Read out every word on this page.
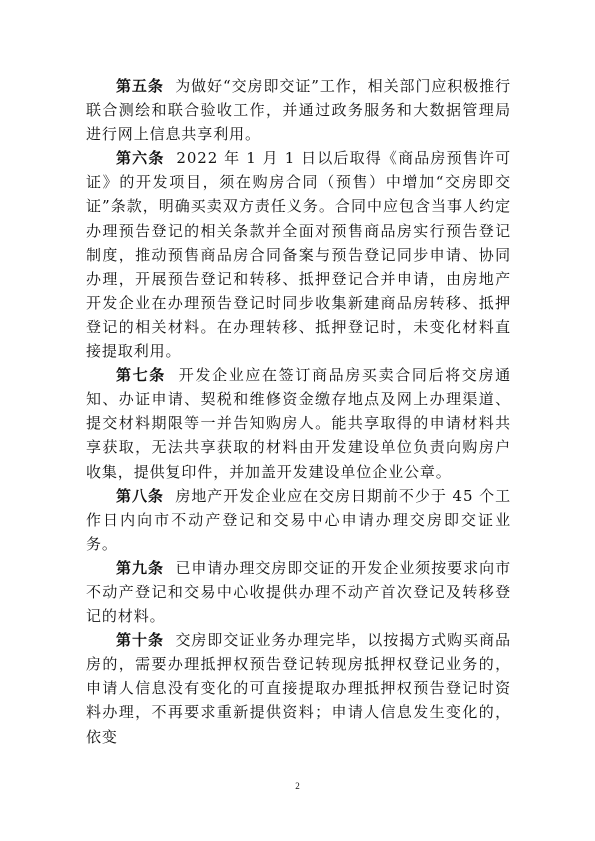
第五条 为做好“交房即交证”工作，相关部门应积极推行联合测绘和联合验收工作，并通过政务服务和大数据管理局进行网上信息共享利用。

第六条 2022 年 1 月 1 日以后取得《商品房预售许可证》的开发项目，须在购房合同（预售）中增加“交房即交证”条款，明确买卖双方责任义务。合同中应包含当事人约定办理预告登记的相关条款并全面对预售商品房实行预告登记制度，推动预售商品房合同备案与预告登记同步申请、协同办理，开展预告登记和转移、抵押登记合并申请，由房地产开发企业在办理预告登记时同步收集新建商品房转移、抵押登记的相关材料。在办理转移、抵押登记时，未变化材料直接提取利用。

第七条 开发企业应在签订商品房买卖合同后将交房通知、办证申请、契税和维修资金缴存地点及网上办理渠道、提交材料期限等一并告知购房人。能共享取得的申请材料共享获取，无法共享获取的材料由开发建设单位负责向购房户收集，提供复印件，并加盖开发建设单位企业公章。

第八条 房地产开发企业应在交房日期前不少于 45 个工作日内向市不动产登记和交易中心申请办理交房即交证业务。

第九条 已申请办理交房即交证的开发企业须按要求向市不动产登记和交易中心收提供办理不动产首次登记及转移登记的材料。

第十条 交房即交证业务办理完毕，以按揭方式购买商品房的，需要办理抵押权预告登记转现房抵押权登记业务的，申请人信息没有变化的可直接提取办理抵押权预告登记时资料办理，不再要求重新提供资料；申请人信息发生变化的，依变

2
